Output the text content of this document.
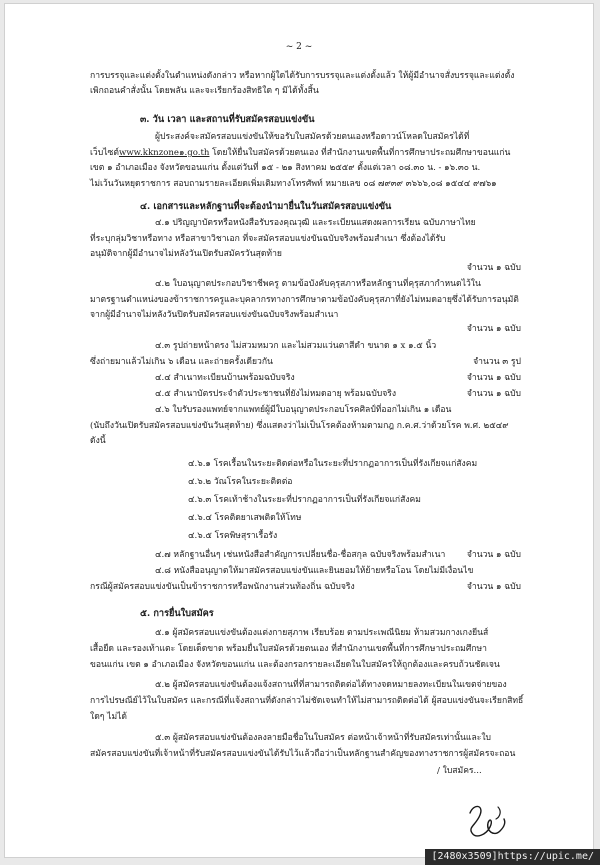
~ 2 ~
การบรรจุและแต่งตั้งในตำแหน่งดังกล่าว หรือหากผู้ใดได้รับการบรรจุและแต่งตั้งแล้ว ให้ผู้มีอำนาจสั่งบรรจุและแต่งตั้ง
เพิกถอนคำสั่งนั้น โดยพลัน และจะเรียกร้องสิทธิใด ๆ มิได้ทั้งสิ้น
๓. วัน เวลา และสถานที่รับสมัครสอบแข่งขัน
ผู้ประสงค์จะสมัครสอบแข่งขันให้ขอรับใบสมัครด้วยตนเองหรือดาวน์โหลดใบสมัครได้ที่
เว็บไซต์www.kknzone๑.go.th โดยให้ยื่นใบสมัครด้วยตนเอง ที่สำนักงานเขตพื้นที่การศึกษาประถมศึกษาขอนแก่น
เขต ๑ อำเภอเมือง จังหวัดขอนแก่น ตั้งแต่วันที่ ๑๕ - ๒๑ สิงหาคม ๒๕๕๙ ตั้งแต่เวลา ๐๘.๓๐ น. - ๑๖.๓๐ น.
ไม่เว้นวันหยุดราชการ สอบถามรายละเอียดเพิ่มเติมทางโทรศัพท์ หมายเลข ๐๘ ๗๙๓๙ ๓๖๖๖,๐๘ ๑๕๔๔ ๙๗๖๑
๔. เอกสารและหลักฐานที่จะต้องนำมายื่นในวันสมัครสอบแข่งขัน
๔.๑ ปริญญาบัตรหรือหนังสือรับรองคุณวุฒิ และระเบียนแสดงผลการเรียน ฉบับภาษาไทย
ที่ระบุกลุ่มวิชาหรือทาง หรือสาขาวิชาเอก ที่จะสมัครสอบแข่งขันฉบับจริงพร้อมสำเนา ซึ่งต้องได้รับ
อนุมัติจากผู้มีอำนาจไม่หลังวันเปิดรับสมัครวันสุดท้าย
จำนวน ๑ ฉบับ
๔.๒ ใบอนุญาตประกอบวิชาชีพครู ตามข้อบังคับคุรุสภาหรือหลักฐานที่คุรุสภากำหนดไว้ใน
มาตรฐานตำแหน่งของข้าราชการครูและบุคลากรทางการศึกษาตามข้อบังคับคุรุสภาที่ยังไม่หมดอายุซึ่งได้รับการอนุมัติ
จากผู้มีอำนาจไม่หลังวันปิดรับสมัครสอบแข่งขันฉบับจริงพร้อมสำเนา
จำนวน ๑ ฉบับ
๔.๓ รูปถ่ายหน้าตรง ไม่สวมหมวก และไม่สวมแว่นตาสีดำ ขนาด ๑ x ๑.๕ นิ้ว
ซึ่งถ่ายมาแล้วไม่เกิน ๖ เดือน และถ่ายครั้งเดียวกัน	จำนวน ๓ รูป
๔.๔ สำเนาทะเบียนบ้านพร้อมฉบับจริง	จำนวน ๑ ฉบับ
๔.๕ สำเนาบัตรประจำตัวประชาชนที่ยังไม่หมดอายุ พร้อมฉบับจริง	จำนวน ๑ ฉบับ
๔.๖ ใบรับรองแพทย์จากแพทย์ผู้มีใบอนุญาตประกอบโรคศิลป์ที่ออกไม่เกิน ๑ เดือน
(นับถึงวันเปิดรับสมัครสอบแข่งขันวันสุดท้าย) ซึ่งแสดงว่าไม่เป็นโรคต้องห้ามตามกฎ ก.ค.ศ.ว่าด้วยโรค พ.ศ. ๒๕๔๙
ดังนี้
๔.๖.๑ โรคเรื้อนในระยะติดต่อหรือในระยะที่ปรากฏอาการเป็นที่รังเกียจแก่สังคม
๔.๖.๒ วัณโรคในระยะติดต่อ
๔.๖.๓ โรคเท้าช้างในระยะที่ปรากฏอาการเป็นที่รังเกียจแก่สังคม
๔.๖.๔ โรคติดยาเสพติดให้โทษ
๔.๖.๕ โรคพิษสุราเรื้อรัง
๔.๗ หลักฐานอื่นๆ เช่นหนังสือสำคัญการเปลี่ยนชื่อ-ชื่อสกุล ฉบับจริงพร้อมสำเนา	จำนวน ๑ ฉบับ
๔.๘ หนังสืออนุญาตให้มาสมัครสอบแข่งขันและยินยอมให้ย้ายหรือโอน โดยไม่มีเงื่อนไข
กรณีผู้สมัครสอบแข่งขันเป็นข้าราชการหรือพนักงานส่วนท้องถิ่น ฉบับจริง	จำนวน ๑ ฉบับ
๕. การยื่นใบสมัคร
๕.๑ ผู้สมัครสอบแข่งขันต้องแต่งกายสุภาพ เรียบร้อย ตามประเพณีนิยม ห้ามสวมกางเกงยีนส์
เสื้อยืด และรองเท้าแตะ โดยเด็ดขาด พร้อมยื่นใบสมัครด้วยตนเอง ที่สำนักงานเขตพื้นที่การศึกษาประถมศึกษา
ขอนแก่น เขต ๑ อำเภอเมือง จังหวัดขอนแก่น และต้องกรอกรายละเอียดในใบสมัครให้ถูกต้องและครบถ้วนชัดเจน
๕.๒ ผู้สมัครสอบแข่งขันต้องแจ้งสถานที่ที่สามารถติดต่อได้ทางจดหมายลงทะเบียนในเขตจ่ายของ
การไปรษณีย์ไว้ในใบสมัคร และกรณีที่แจ้งสถานที่ดังกล่าวไม่ชัดเจนทำให้ไม่สามารถติดต่อได้ ผู้สอบแข่งขันจะเรียกสิทธิ์
ใดๆ ไม่ได้
๕.๓ ผู้สมัครสอบแข่งขันต้องลงลายมือชื่อในใบสมัคร ต่อหน้าเจ้าหน้าที่รับสมัครเท่านั้นและใบ
สมัครสอบแข่งขันที่เจ้าหน้าที่รับสมัครสอบแข่งขันได้รับไว้แล้วถือว่าเป็นหลักฐานสำคัญของทางราชการผู้สมัครจะถอน
/ ใบสมัคร...
[2480x3509]https://upic.me/
